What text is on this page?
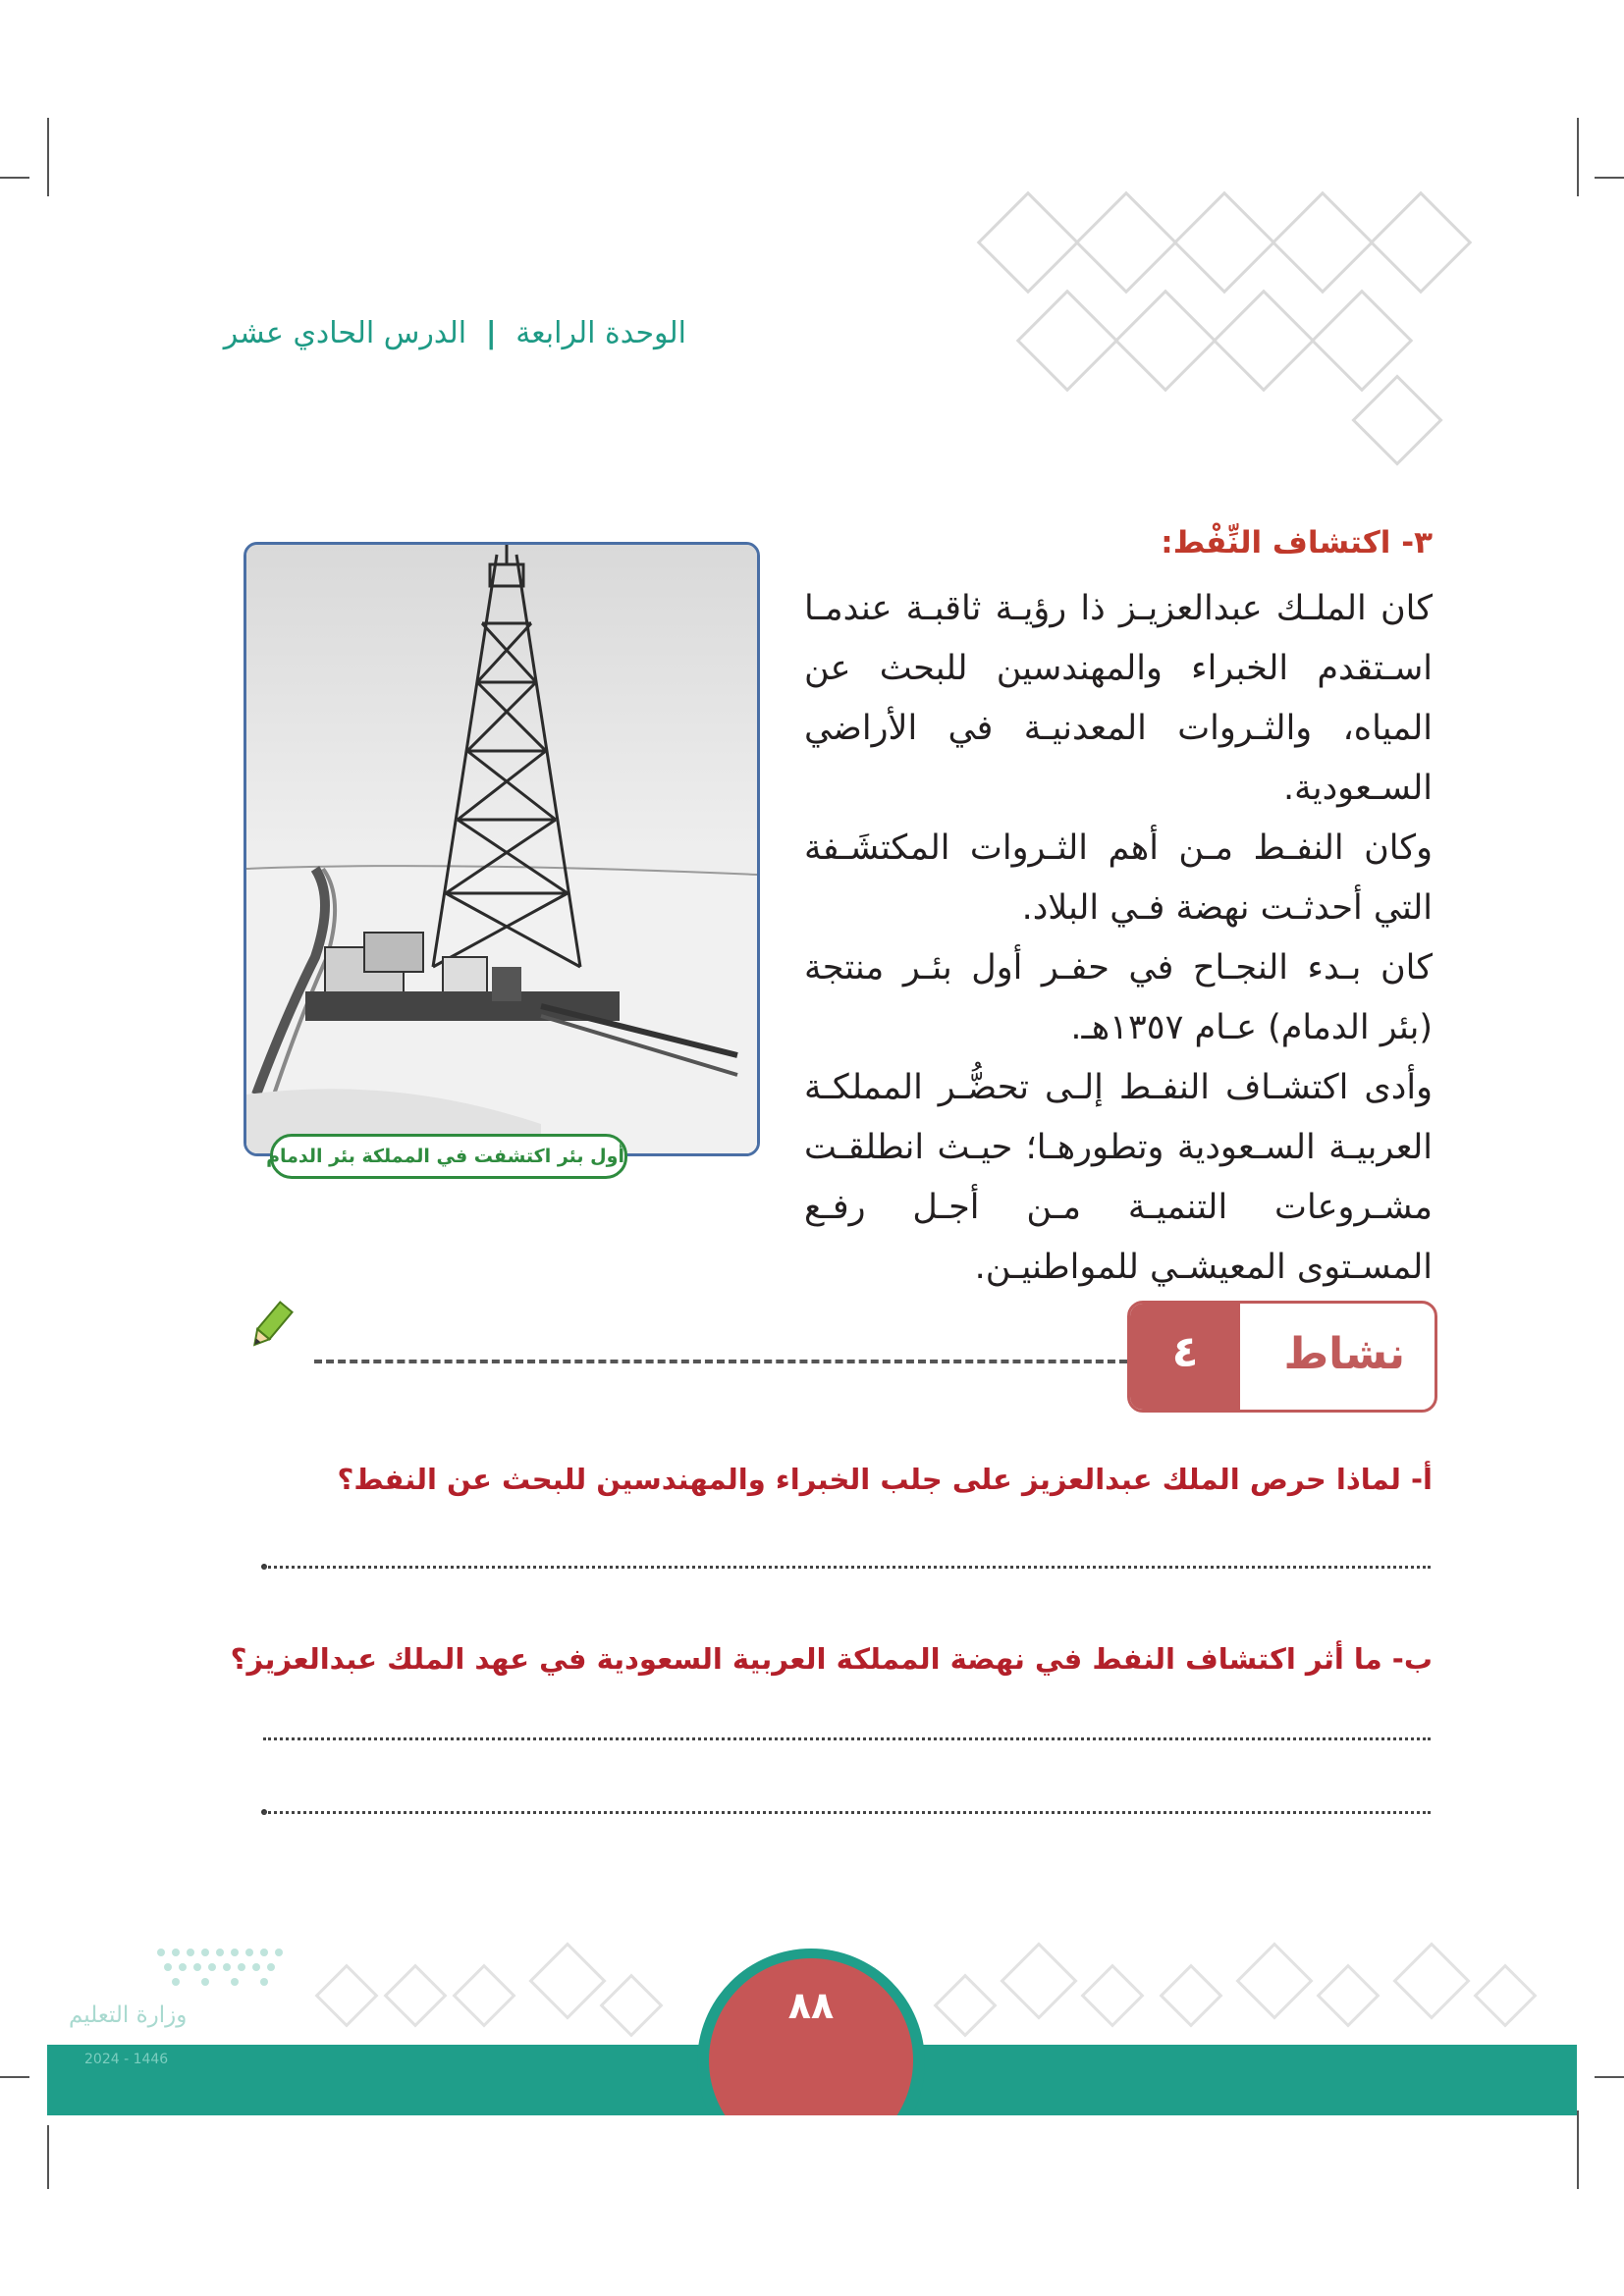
الوحدة الرابعة | الدرس الحادي عشر
٣- اكتشاف النِّفْط:

كان الملـك عبدالعزيـز ذا رؤيـة ثاقبـة عندمـا اسـتقدم الخبراء والمهندسين للبحث عن المياه، والثـروات المعدنيـة في الأراضي السـعودية.

وكان النفـط مـن أهم الثـروات المكتشَـفة التي أحدثـت نهضة فـي البلاد.

كان بـدء النجـاح في حفـر أول بئـر منتجة (بئر الدمام) عـام ١٣٥٧هـ.

وأدى اكتشـاف النفـط إلـى تحضُّـر المملكـة العربيـة السـعودية وتطورهـا؛ حيـث انطلقـت مشـروعات التنميـة مـن أجـل رفـع المسـتوى المعيشـي للمواطنيـن.

أول بئر اكتشفت في المملكة بئر الدمام
٤	نشاط
أ- لماذا حرص الملك عبدالعزيز على جلب الخبراء والمهندسين للبحث عن النفط؟
ب- ما أثر اكتشاف النفط في نهضة المملكة العربية السعودية في عهد الملك عبدالعزيز؟
وزارة التعليم
2024 - 1446
٨٨
